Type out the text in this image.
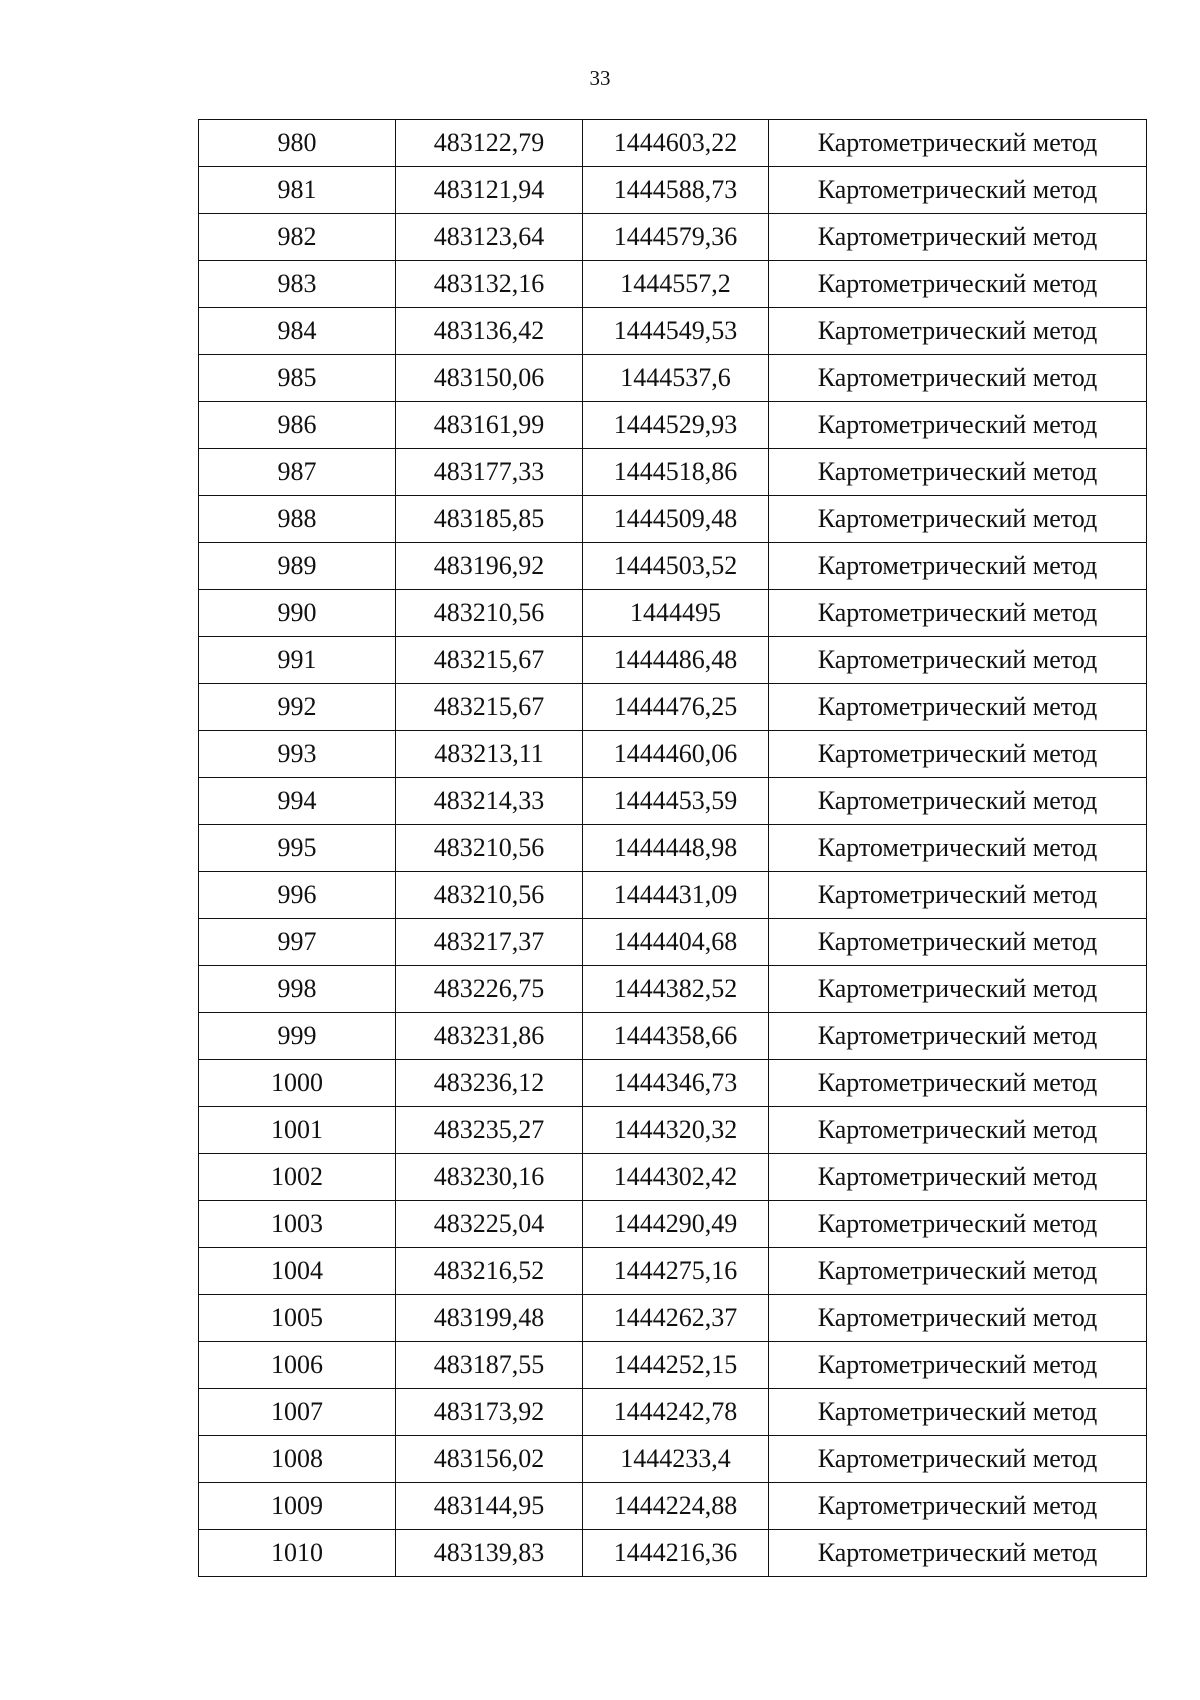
33
980	483122,79	1444603,22	Картометрический метод
981	483121,94	1444588,73	Картометрический метод
982	483123,64	1444579,36	Картометрический метод
983	483132,16	1444557,2	Картометрический метод
984	483136,42	1444549,53	Картометрический метод
985	483150,06	1444537,6	Картометрический метод
986	483161,99	1444529,93	Картометрический метод
987	483177,33	1444518,86	Картометрический метод
988	483185,85	1444509,48	Картометрический метод
989	483196,92	1444503,52	Картометрический метод
990	483210,56	1444495	Картометрический метод
991	483215,67	1444486,48	Картометрический метод
992	483215,67	1444476,25	Картометрический метод
993	483213,11	1444460,06	Картометрический метод
994	483214,33	1444453,59	Картометрический метод
995	483210,56	1444448,98	Картометрический метод
996	483210,56	1444431,09	Картометрический метод
997	483217,37	1444404,68	Картометрический метод
998	483226,75	1444382,52	Картометрический метод
999	483231,86	1444358,66	Картометрический метод
1000	483236,12	1444346,73	Картометрический метод
1001	483235,27	1444320,32	Картометрический метод
1002	483230,16	1444302,42	Картометрический метод
1003	483225,04	1444290,49	Картометрический метод
1004	483216,52	1444275,16	Картометрический метод
1005	483199,48	1444262,37	Картометрический метод
1006	483187,55	1444252,15	Картометрический метод
1007	483173,92	1444242,78	Картометрический метод
1008	483156,02	1444233,4	Картометрический метод
1009	483144,95	1444224,88	Картометрический метод
1010	483139,83	1444216,36	Картометрический метод
